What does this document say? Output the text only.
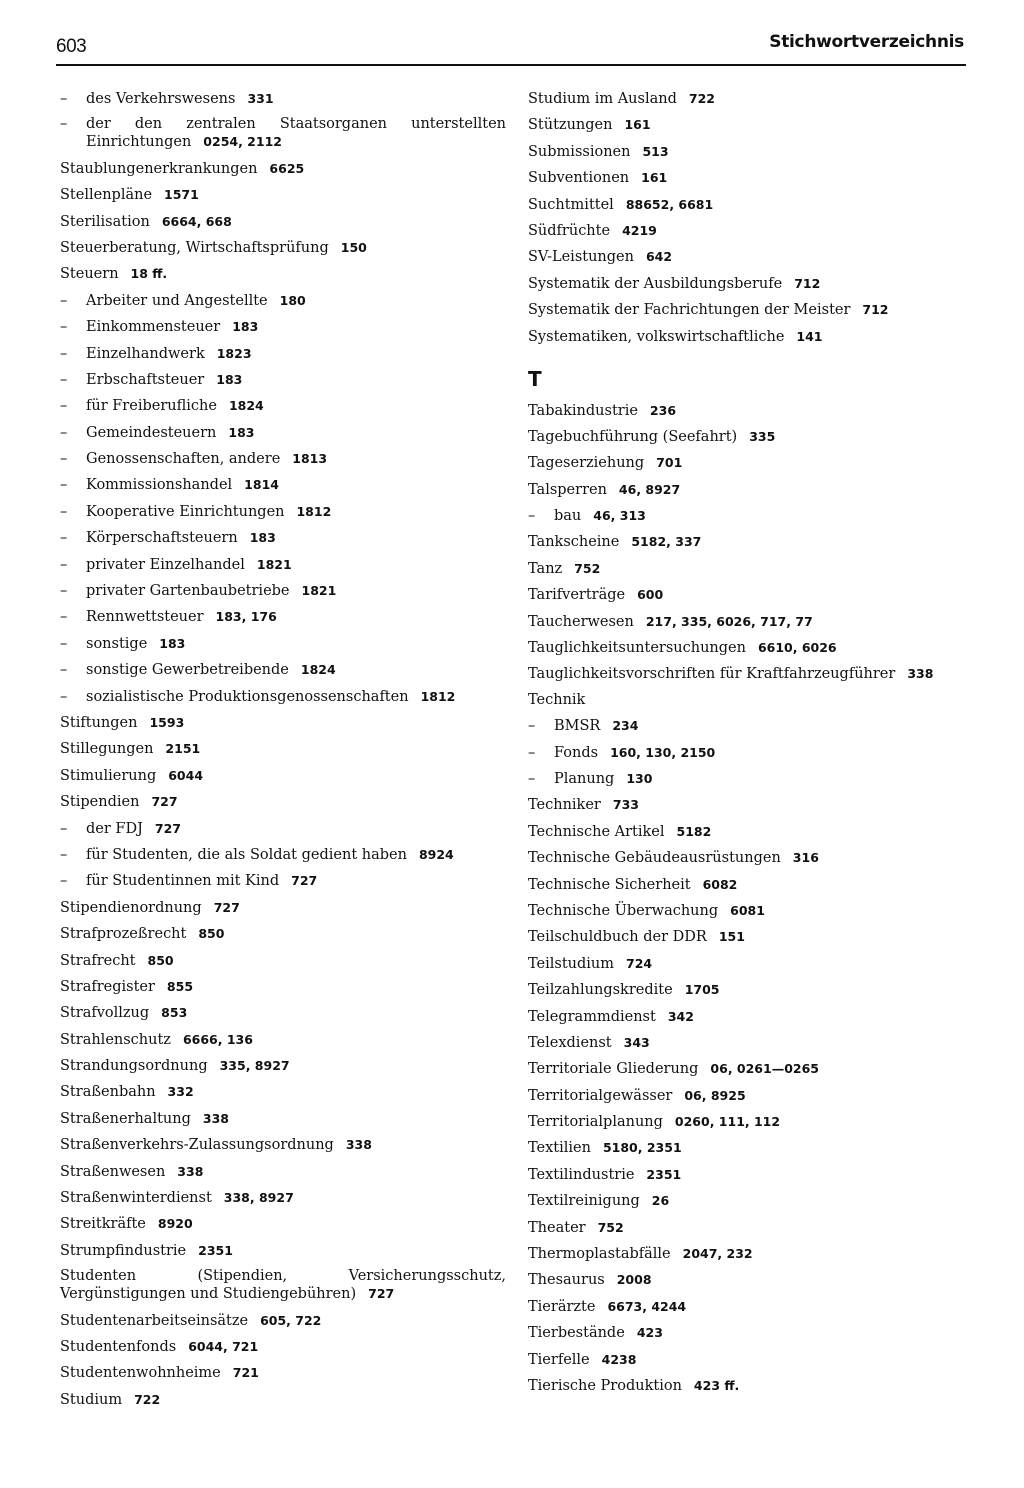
603	Stichwortverzeichnis
– des Verkehrswesens 331
– der den zentralen Staatsorganen unterstellten Einrichtungen 0254, 2112
Staublungenerkrankungen 6625
Stellenpläne 1571
Sterilisation 6664, 668
Steuerberatung, Wirtschaftsprüfung 150
Steuern 18 ff.
– Arbeiter und Angestellte 180
– Einkommensteuer 183
– Einzelhandwerk 1823
– Erbschaftsteuer 183
– für Freiberufliche 1824
– Gemeindesteuern 183
– Genossenschaften, andere 1813
– Kommissionshandel 1814
– Kooperative Einrichtungen 1812
– Körperschaftsteuern 183
– privater Einzelhandel 1821
– privater Gartenbaubetriebe 1821
– Rennwettsteuer 183, 176
– sonstige 183
– sonstige Gewerbetreibende 1824
– sozialistische Produktionsgenossenschaften 1812
Stiftungen 1593
Stillegungen 2151
Stimulierung 6044
Stipendien 727
– der FDJ 727
– für Studenten, die als Soldat gedient haben 8924
– für Studentinnen mit Kind 727
Stipendienordnung 727
Strafprozeßrecht 850
Strafrecht 850
Strafregister 855
Strafvollzug 853
Strahlenschutz 6666, 136
Strandungsordnung 335, 8927
Straßenbahn 332
Straßenerhaltung 338
Straßenverkehrs-Zulassungsordnung 338
Straßenwesen 338
Straßenwinterdienst 338, 8927
Streitkräfte 8920
Strumpfindustrie 2351
Studenten (Stipendien, Versicherungsschutz, Vergünstigungen und Studiengebühren) 727
Studentenarbeitseinsätze 605, 722
Studentenfonds 6044, 721
Studentenwohnheime 721
Studium 722
Studium im Ausland 722
Stützungen 161
Submissionen 513
Subventionen 161
Suchtmittel 88652, 6681
Südfrüchte 4219
SV-Leistungen 642
Systematik der Ausbildungsberufe 712
Systematik der Fachrichtungen der Meister 712
Systematiken, volkswirtschaftliche 141
T
Tabakindustrie 236
Tagebuchführung (Seefahrt) 335
Tageserziehung 701
Talsperren 46, 8927
– bau 46, 313
Tankscheine 5182, 337
Tanz 752
Tarifverträge 600
Taucherwesen 217, 335, 6026, 717, 77
Tauglichkeitsuntersuchungen 6610, 6026
Tauglichkeitsvorschriften für Kraftfahrzeugführer 338
Technik
– BMSR 234
– Fonds 160, 130, 2150
– Planung 130
Techniker 733
Technische Artikel 5182
Technische Gebäudeausrüstungen 316
Technische Sicherheit 6082
Technische Überwachung 6081
Teilschuldbuch der DDR 151
Teilstudium 724
Teilzahlungskredite 1705
Telegrammdienst 342
Telexdienst 343
Territoriale Gliederung 06, 0261—0265
Territorialgewässer 06, 8925
Territorialplanung 0260, 111, 112
Textilien 5180, 2351
Textilindustrie 2351
Textilreinigung 26
Theater 752
Thermoplastabfälle 2047, 232
Thesaurus 2008
Tierärzte 6673, 4244
Tierbestände 423
Tierfelle 4238
Tierische Produktion 423 ff.
